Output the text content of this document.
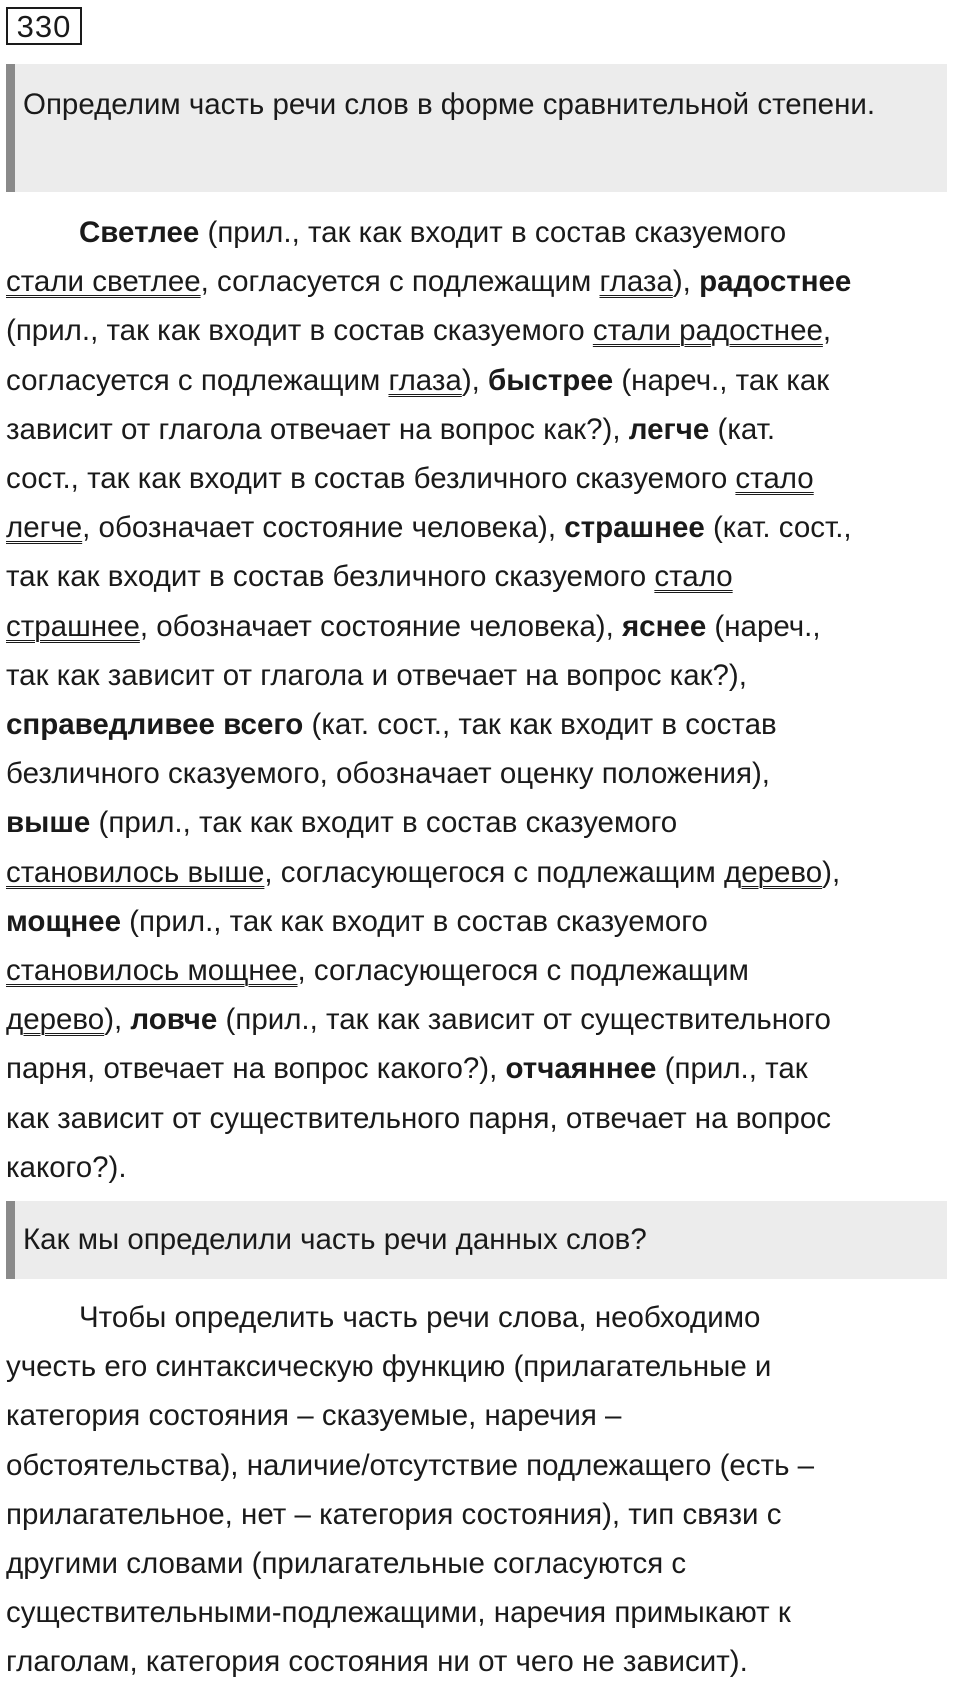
330
Определим часть речи слов в форме сравнительной степени.
Светлее (прил., так как входит в состав сказуемого
стали светлее, согласуется с подлежащим глаза), радостнее
(прил., так как входит в состав сказуемого стали радостнее,
согласуется с подлежащим глаза), быстрее (нареч., так как
зависит от глагола отвечает на вопрос как?), легче (кат.
сост., так как входит в состав безличного сказуемого стало
легче, обозначает состояние человека), страшнее (кат. сост.,
так как входит в состав безличного сказуемого стало
страшнее, обозначает состояние человека), яснее (нареч.,
так как зависит от глагола и отвечает на вопрос как?),
справедливее всего (кат. сост., так как входит в состав
безличного сказуемого, обозначает оценку положения),
выше (прил., так как входит в состав сказуемого
становилось выше, согласующегося с подлежащим дерево),
мощнее (прил., так как входит в состав сказуемого
становилось мощнее, согласующегося с подлежащим
дерево), ловче (прил., так как зависит от существительного
парня, отвечает на вопрос какого?), отчаяннее (прил., так
как зависит от существительного парня, отвечает на вопрос
какого?).
Как мы определили часть речи данных слов?
Чтобы определить часть речи слова, необходимо
учесть его синтаксическую функцию (прилагательные и
категория состояния – сказуемые, наречия –
обстоятельства), наличие/отсутствие подлежащего (есть –
прилагательное, нет – категория состояния), тип связи с
другими словами (прилагательные согласуются с
существительными-подлежащими, наречия примыкают к
глаголам, категория состояния ни от чего не зависит).
